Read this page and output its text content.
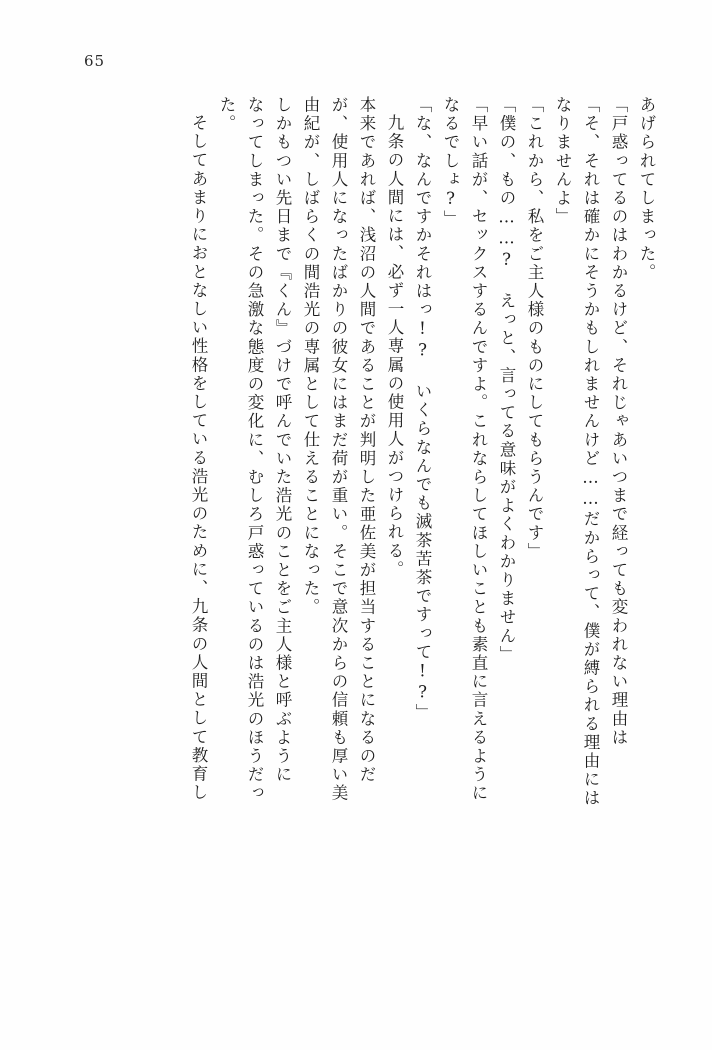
65
あげられてしまった。
「戸惑ってるのはわかるけど、それじゃあいつまで経っても変われない理由は
「そ、それは確かにそうかもしれませんけど……だからって、僕が縛られる理由には
なりませんよ」
「これから、私をご主人様のものにしてもらうんです」
「僕の、もの……? えっと、言ってる意味がよくわかりません」
「早い話が、セックスするんですよ。これならしてほしいことも素直に言えるように
なるでしょ?」
「な、なんですかそれはっ!? いくらなんでも滅茶苦茶ですって!?」
九条の人間には、必ず一人専属の使用人がつけられる。
本来であれば、浅沼の人間であることが判明した亜佐美が担当することになるのだ
が、使用人になったばかりの彼女にはまだ荷が重い。そこで意次からの信頼も厚い美
由紀が、しばらくの間浩光の専属として仕えることになった。
しかもつい先日まで『くん』づけで呼んでいた浩光のことをご主人様と呼ぶように
なってしまった。その急激な態度の変化に、むしろ戸惑っているのは浩光のほうだっ
た。
そしてあまりにおとなしい性格をしている浩光のために、九条の人間として教育し
